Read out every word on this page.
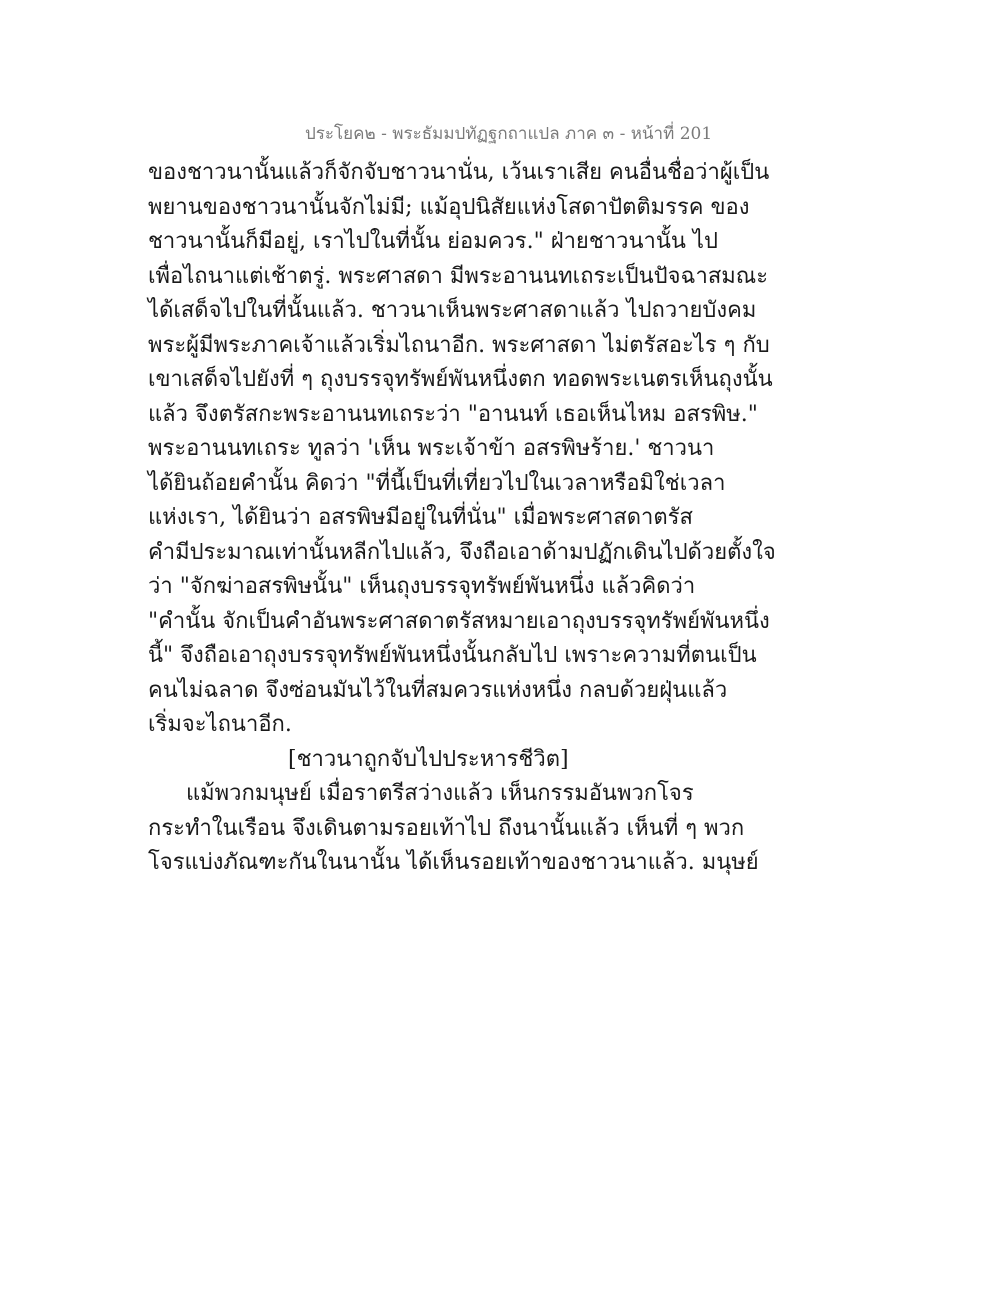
ประโยค๒ - พระธัมมปทัฏฐกถาแปล ภาค ๓ - หน้าที่ 201
ของชาวนานั้นแล้วก็จักจับชาวนานั่น, เว้นเราเสีย คนอื่นชื่อว่าผู้เป็น
พยานของชาวนานั้นจักไม่มี; แม้อุปนิสัยแห่งโสดาปัตติมรรค ของ
ชาวนานั้นก็มีอยู่, เราไปในที่นั้น ย่อมควร." ฝ่ายชาวนานั้น ไป
เพื่อไถนาแต่เช้าตรู่. พระศาสดา มีพระอานนทเถระเป็นปัจฉาสมณะ
ได้เสด็จไปในที่นั้นแล้ว. ชาวนาเห็นพระศาสดาแล้ว ไปถวายบังคม
พระผู้มีพระภาคเจ้าแล้วเริ่มไถนาอีก. พระศาสดา ไม่ตรัสอะไร ๆ กับ
เขาเสด็จไปยังที่ ๆ ถุงบรรจุทรัพย์พันหนึ่งตก ทอดพระเนตรเห็นถุงนั้น
แล้ว จึงตรัสกะพระอานนทเถระว่า "อานนท์ เธอเห็นไหม อสรพิษ."
พระอานนทเถระ ทูลว่า 'เห็น พระเจ้าข้า อสรพิษร้าย.' ชาวนา
ได้ยินถ้อยคำนั้น คิดว่า "ที่นี้เป็นที่เที่ยวไปในเวลาหรือมิใช่เวลา
แห่งเรา, ได้ยินว่า อสรพิษมีอยู่ในที่นั่น" เมื่อพระศาสดาตรัส
คำมีประมาณเท่านั้นหลีกไปแล้ว, จึงถือเอาด้ามปฏักเดินไปด้วยตั้งใจ
ว่า "จักฆ่าอสรพิษนั้น" เห็นถุงบรรจุทรัพย์พันหนึ่ง แล้วคิดว่า
"คำนั้น จักเป็นคำอันพระศาสดาตรัสหมายเอาถุงบรรจุทรัพย์พันหนึ่ง
นี้" จึงถือเอาถุงบรรจุทรัพย์พันหนึ่งนั้นกลับไป เพราะความที่ตนเป็น
คนไม่ฉลาด จึงซ่อนมันไว้ในที่สมควรแห่งหนึ่ง กลบด้วยฝุ่นแล้ว
เริ่มจะไถนาอีก.
[ชาวนาถูกจับไปประหารชีวิต]
แม้พวกมนุษย์ เมื่อราตรีสว่างแล้ว เห็นกรรมอันพวกโจร
กระทำในเรือน จึงเดินตามรอยเท้าไป ถึงนานั้นแล้ว เห็นที่ ๆ พวก
โจรแบ่งภัณฑะกันในนานั้น ได้เห็นรอยเท้าของชาวนาแล้ว. มนุษย์
